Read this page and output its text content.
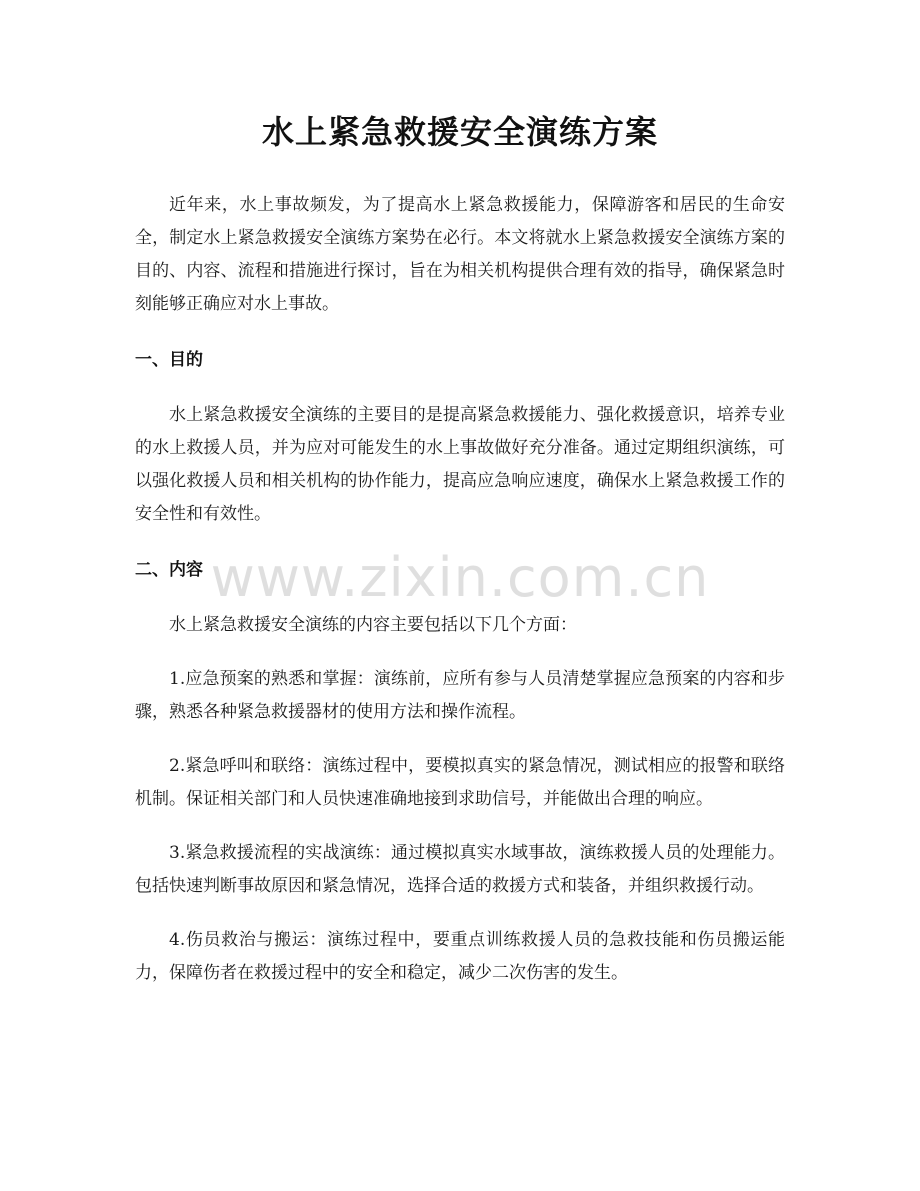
水上紧急救援安全演练方案

近年来，水上事故频发，为了提高水上紧急救援能力，保障游客和居民的生命安全，制定水上紧急救援安全演练方案势在必行。本文将就水上紧急救援安全演练方案的目的、内容、流程和措施进行探讨，旨在为相关机构提供合理有效的指导，确保紧急时刻能够正确应对水上事故。

一、目的

水上紧急救援安全演练的主要目的是提高紧急救援能力、强化救援意识，培养专业的水上救援人员，并为应对可能发生的水上事故做好充分准备。通过定期组织演练，可以强化救援人员和相关机构的协作能力，提高应急响应速度，确保水上紧急救援工作的安全性和有效性。

二、内容

水上紧急救援安全演练的内容主要包括以下几个方面：

1.应急预案的熟悉和掌握：演练前，应所有参与人员清楚掌握应急预案的内容和步骤，熟悉各种紧急救援器材的使用方法和操作流程。

2.紧急呼叫和联络：演练过程中，要模拟真实的紧急情况，测试相应的报警和联络机制。保证相关部门和人员快速准确地接到求助信号，并能做出合理的响应。

3.紧急救援流程的实战演练：通过模拟真实水域事故，演练救援人员的处理能力。包括快速判断事故原因和紧急情况，选择合适的救援方式和装备，并组织救援行动。

4.伤员救治与搬运：演练过程中，要重点训练救援人员的急救技能和伤员搬运能力，保障伤者在救援过程中的安全和稳定，减少二次伤害的发生。

www.zixin.com.cn
